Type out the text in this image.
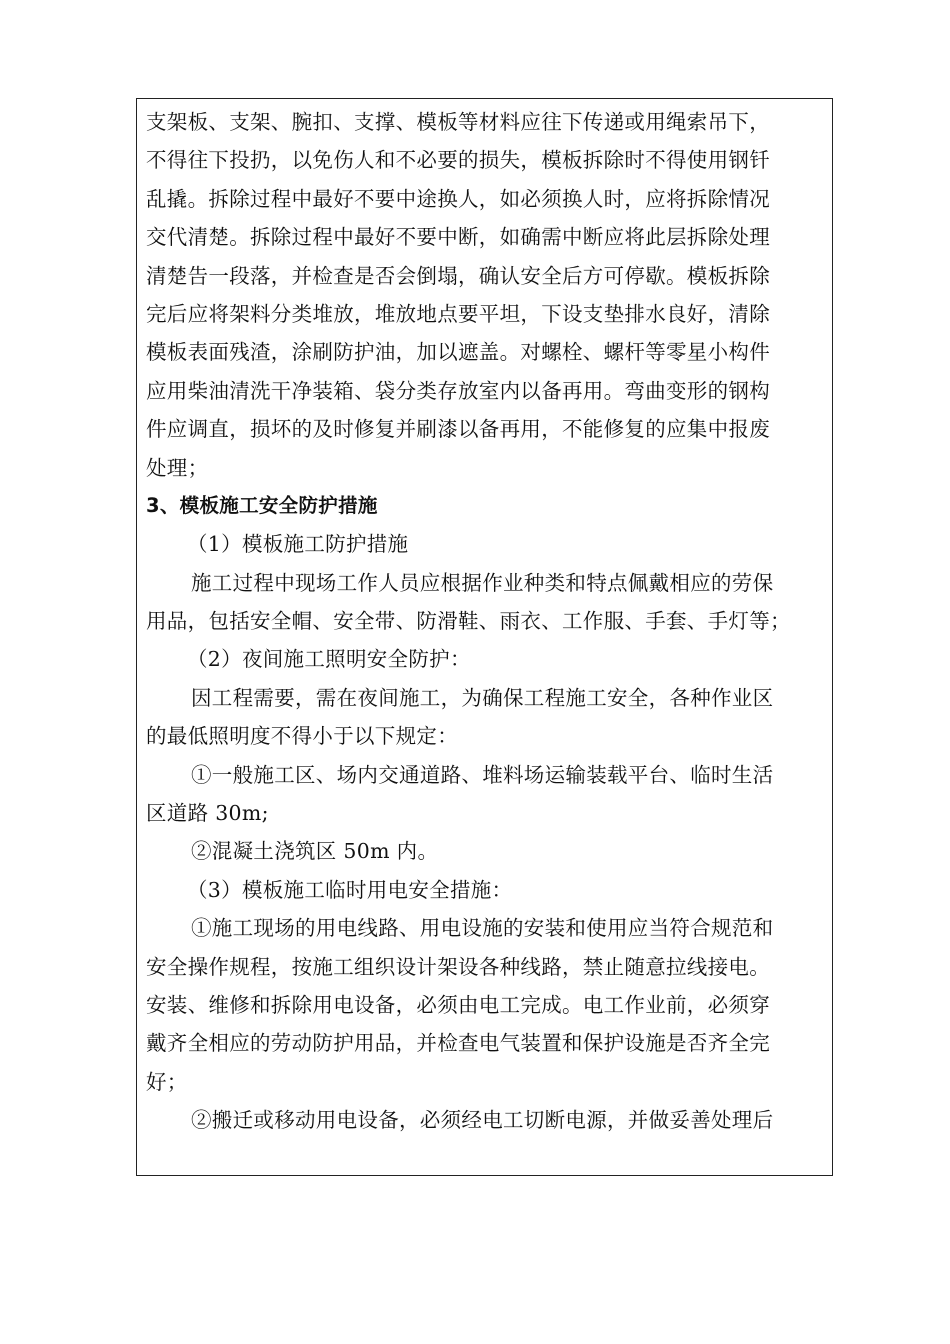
支架板、支架、腕扣、支撑、模板等材料应往下传递或用绳索吊下，
不得往下投扔，以免伤人和不必要的损失，模板拆除时不得使用钢钎
乱撬。拆除过程中最好不要中途换人，如必须换人时，应将拆除情况
交代清楚。拆除过程中最好不要中断，如确需中断应将此层拆除处理
清楚告一段落，并检查是否会倒塌，确认安全后方可停歇。模板拆除
完后应将架料分类堆放，堆放地点要平坦，下设支垫排水良好，清除
模板表面残渣，涂刷防护油，加以遮盖。对螺栓、螺杆等零星小构件
应用柴油清洗干净装箱、袋分类存放室内以备再用。弯曲变形的钢构
件应调直，损坏的及时修复并刷漆以备再用，不能修复的应集中报废
处理；
3、模板施工安全防护措施
（1）模板施工防护措施
施工过程中现场工作人员应根据作业种类和特点佩戴相应的劳保
用品，包括安全帽、安全带、防滑鞋、雨衣、工作服、手套、手灯等；
（2）夜间施工照明安全防护：
因工程需要，需在夜间施工，为确保工程施工安全，各种作业区
的最低照明度不得小于以下规定：
①一般施工区、场内交通道路、堆料场运输装载平台、临时生活
区道路 30m;
②混凝土浇筑区 50m 内。
（3）模板施工临时用电安全措施：
①施工现场的用电线路、用电设施的安装和使用应当符合规范和
安全操作规程，按施工组织设计架设各种线路，禁止随意拉线接电。
安装、维修和拆除用电设备，必须由电工完成。电工作业前，必须穿
戴齐全相应的劳动防护用品，并检查电气装置和保护设施是否齐全完
好；
②搬迁或移动用电设备，必须经电工切断电源，并做妥善处理后
